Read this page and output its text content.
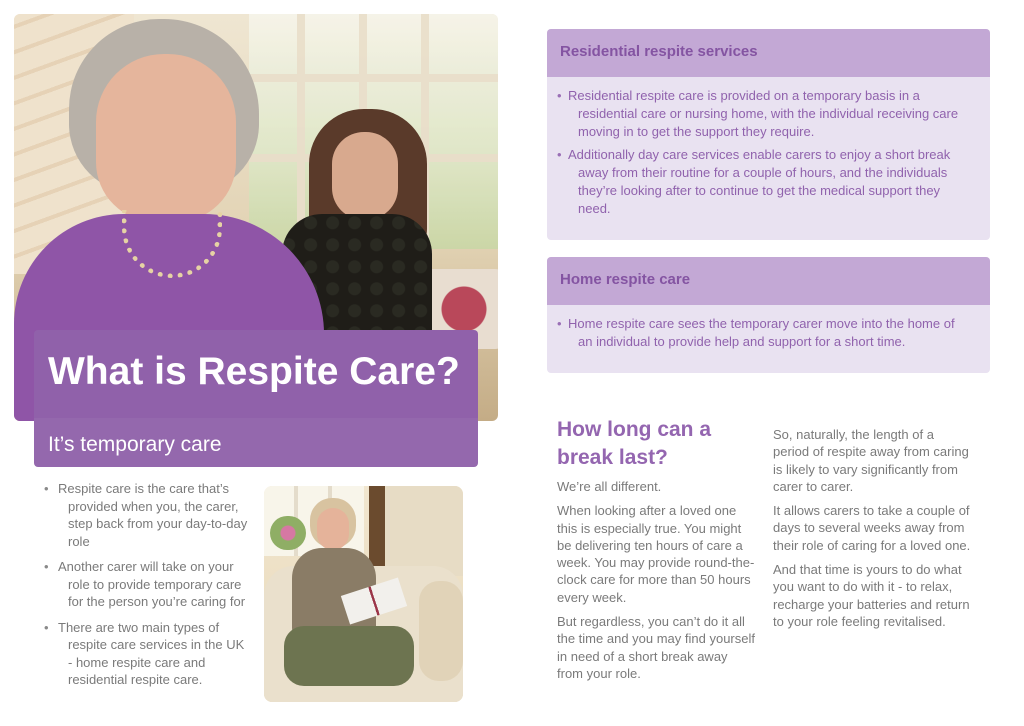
What is Respite Care?
It’s temporary care
• Respite care is the care that’s provided when you, the carer, step back from your day-to-day role
• Another carer will take on your role to provide temporary care for the person you’re caring for
• There are two main types of respite care services in the UK - home respite care and residential respite care.
Residential respite services
• Residential respite care is provided on a temporary basis in a residential care or nursing home, with the individual receiving care moving in to get the support they require.
• Additionally day care services enable carers to enjoy a short break away from their routine for a couple of hours, and the individuals they’re looking after to continue to get the medical support they need.
Home respite care
• Home respite care sees the temporary carer move into the home of an individual to provide help and support for a short time.
How long can a break last?

We’re all different.

When looking after a loved one this is especially true. You might be delivering ten hours of care a week. You may provide round-the-clock care for more than 50 hours every week.

But regardless, you can’t do it all the time and you may find yourself in need of a short break away from your role.

So, naturally, the length of a period of respite away from caring is likely to vary significantly from carer to carer.

It allows carers to take a couple of days to several weeks away from their role of caring for a loved one.

And that time is yours to do what you want to do with it - to relax, recharge your batteries and return to your role feeling revitalised.
